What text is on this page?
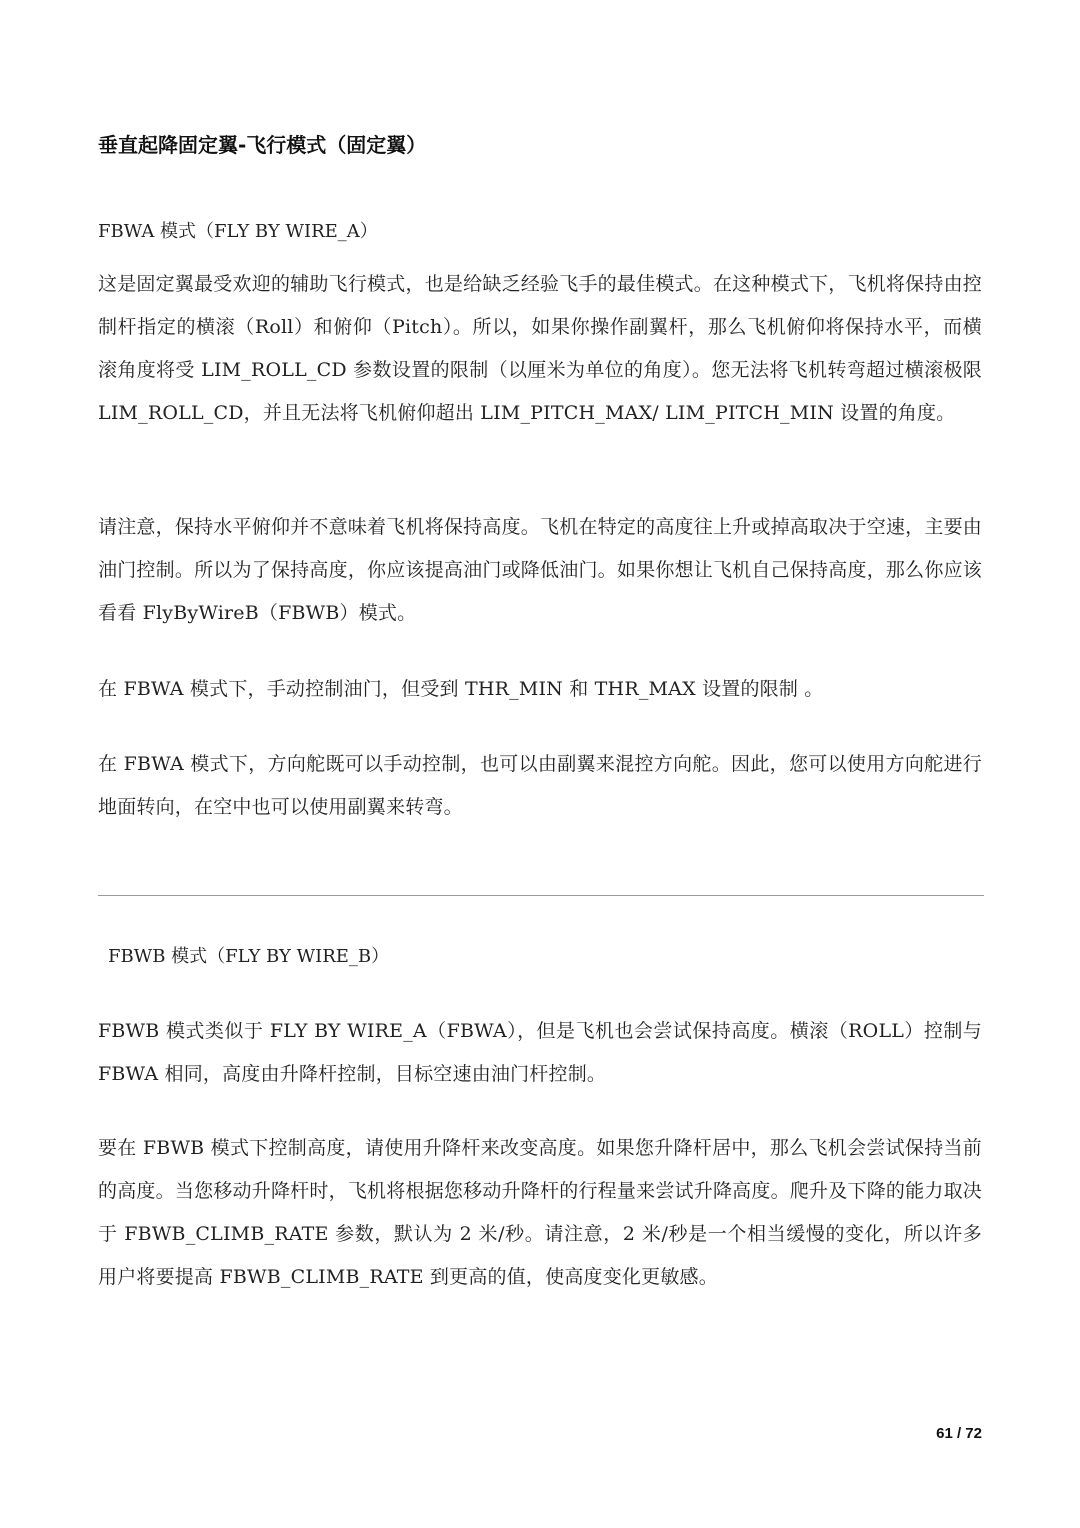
垂直起降固定翼-飞行模式（固定翼）

FBWA 模式（FLY BY WIRE_A）

这是固定翼最受欢迎的辅助飞行模式，也是给缺乏经验飞手的最佳模式。在这种模式下，飞机将保持由控制杆指定的横滚（Roll）和俯仰（Pitch）。所以，如果你操作副翼杆，那么飞机俯仰将保持水平，而横滚角度将受 LIM_ROLL_CD 参数设置的限制（以厘米为单位的角度）。您无法将飞机转弯超过横滚极限 LIM_ROLL_CD，并且无法将飞机俯仰超出 LIM_PITCH_MAX/ LIM_PITCH_MIN 设置的角度。

请注意，保持水平俯仰并不意味着飞机将保持高度。飞机在特定的高度往上升或掉高取决于空速，主要由油门控制。所以为了保持高度，你应该提高油门或降低油门。如果你想让飞机自己保持高度，那么你应该看看 FlyByWireB（FBWB）模式。

在 FBWA 模式下，手动控制油门，但受到 THR_MIN 和 THR_MAX 设置的限制 。

在 FBWA 模式下，方向舵既可以手动控制，也可以由副翼来混控方向舵。因此，您可以使用方向舵进行地面转向，在空中也可以使用副翼来转弯。

FBWB 模式（FLY BY WIRE_B）

FBWB 模式类似于 FLY BY WIRE_A（FBWA），但是飞机也会尝试保持高度。横滚（ROLL）控制与 FBWA 相同，高度由升降杆控制，目标空速由油门杆控制。

要在 FBWB 模式下控制高度，请使用升降杆来改变高度。如果您升降杆居中，那么飞机会尝试保持当前的高度。当您移动升降杆时，飞机将根据您移动升降杆的行程量来尝试升降高度。爬升及下降的能力取决于 FBWB_CLIMB_RATE 参数，默认为 2 米/秒。请注意，2 米/秒是一个相当缓慢的变化，所以许多用户将要提高 FBWB_CLIMB_RATE 到更高的值，使高度变化更敏感。

61 / 72
